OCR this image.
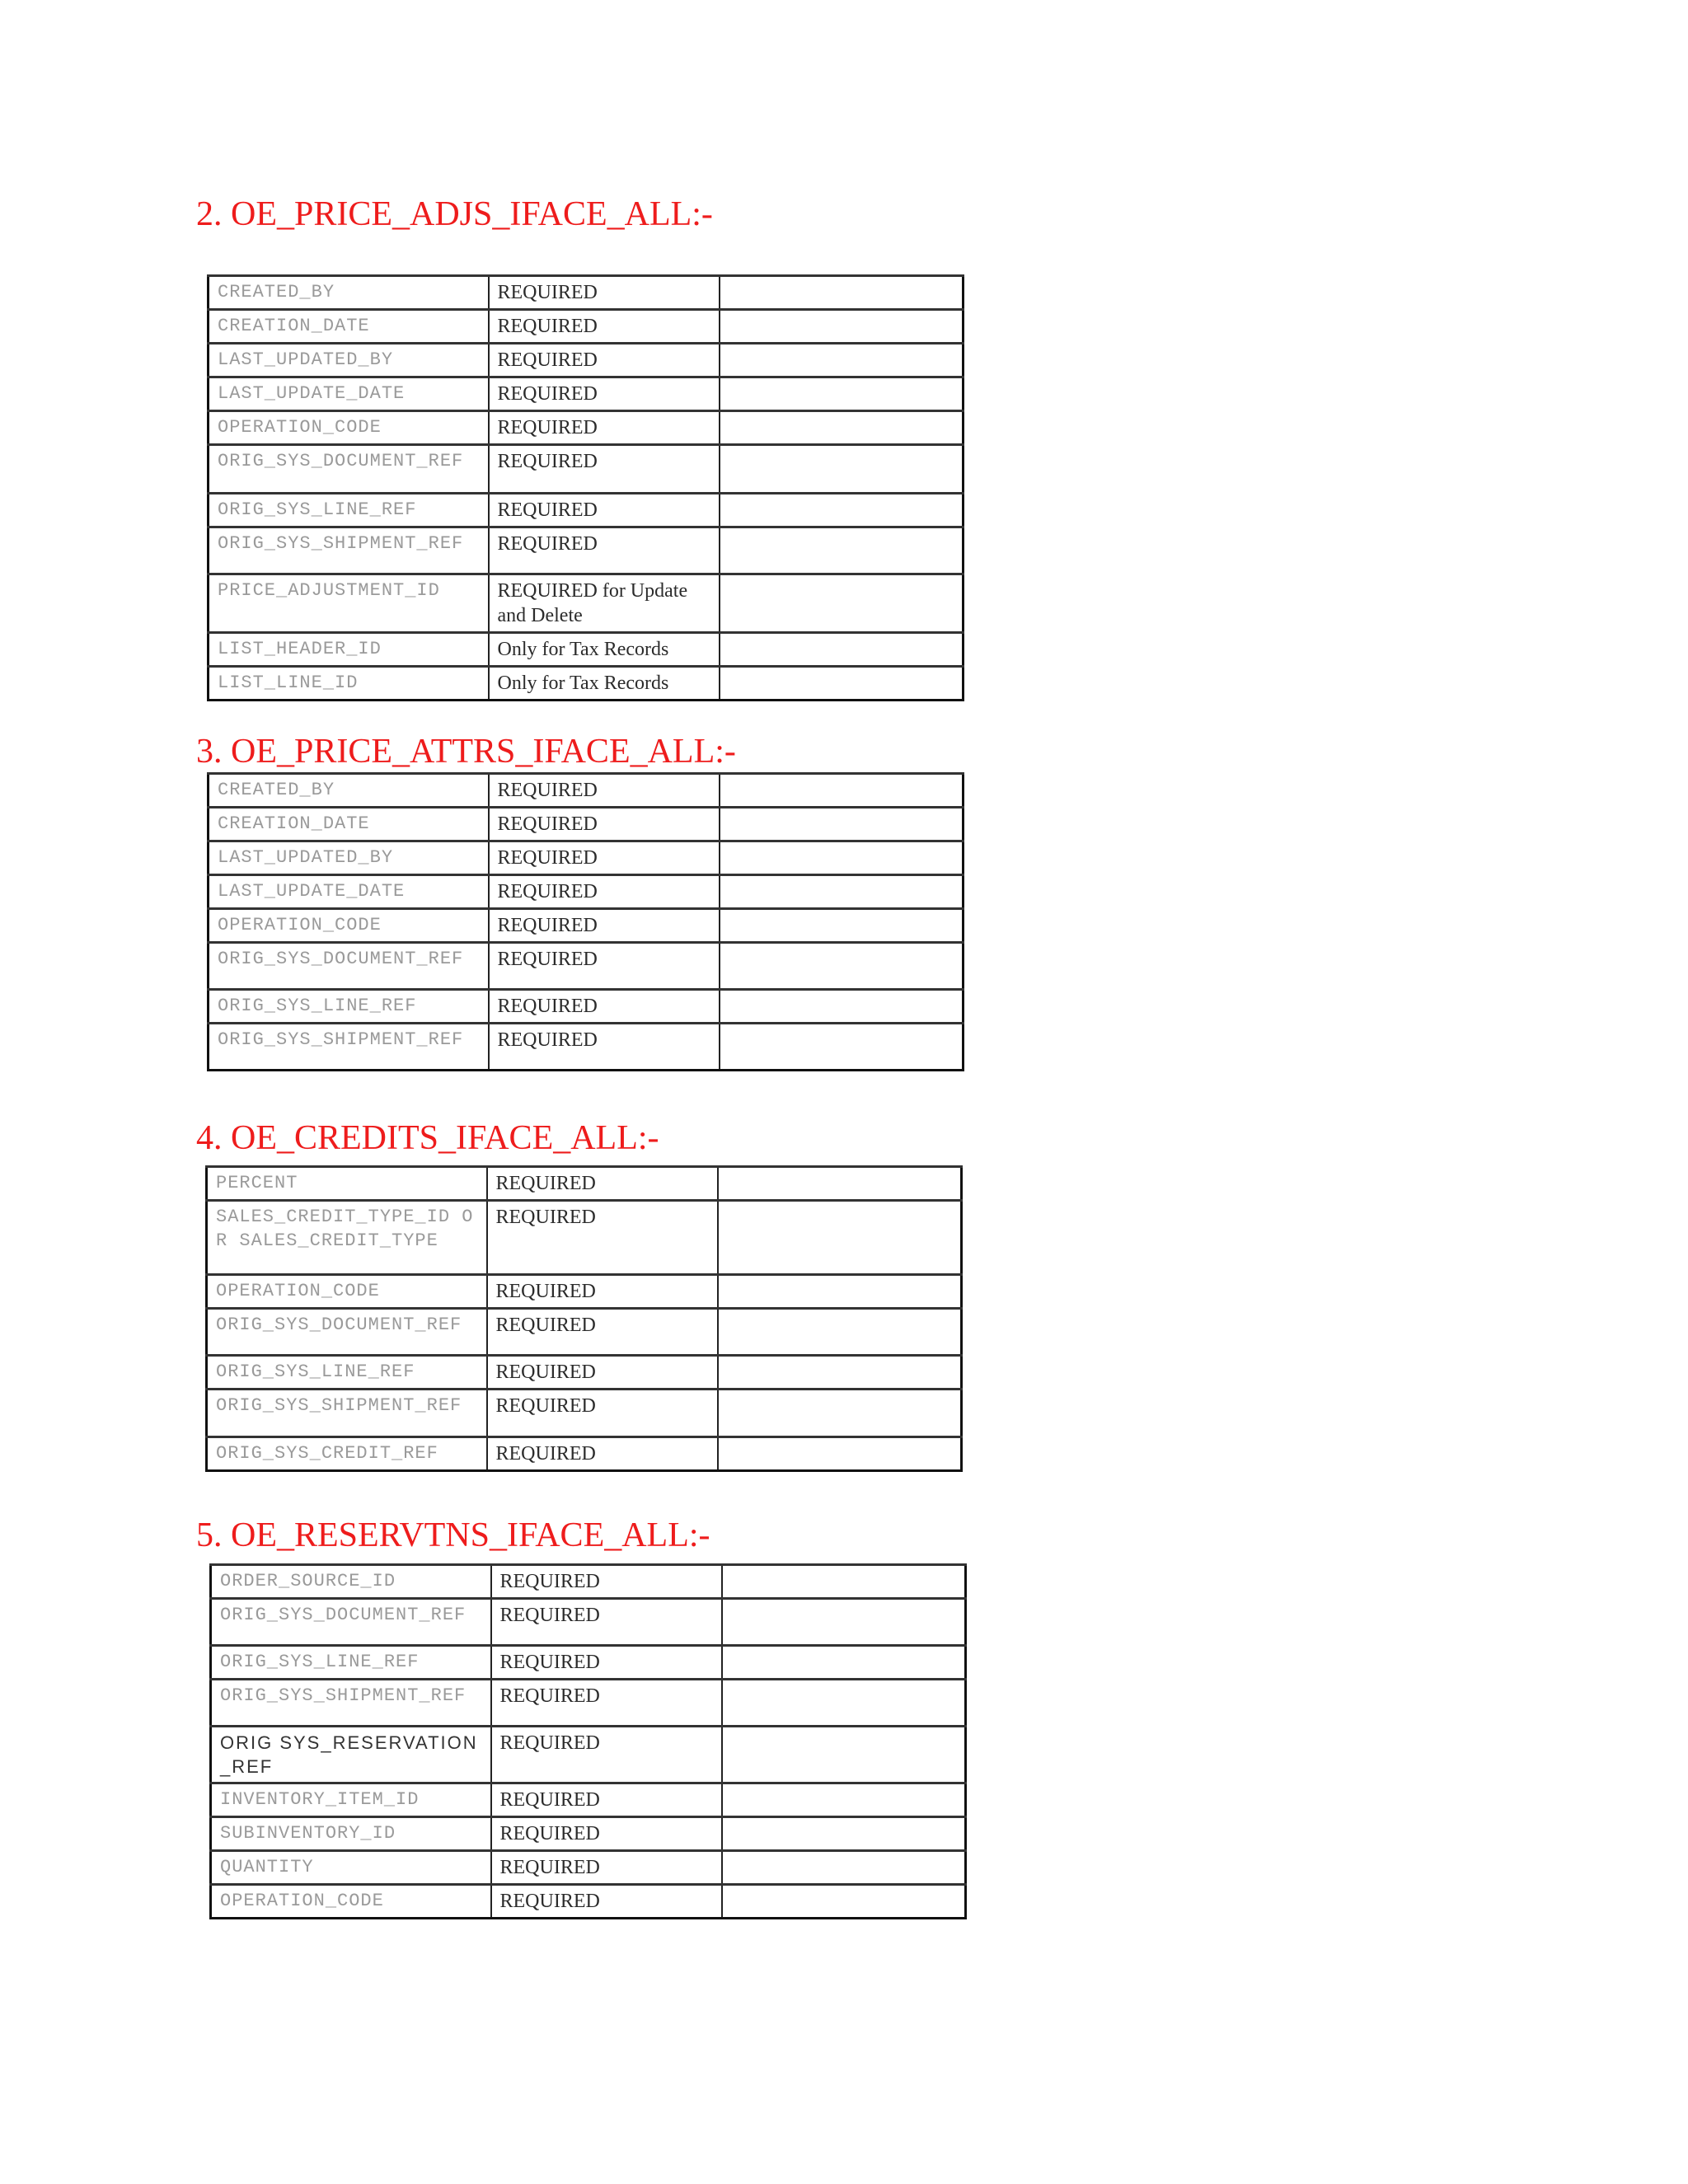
2. OE_PRICE_ADJS_IFACE_ALL:-
CREATED_BY	REQUIRED	
CREATION_DATE	REQUIRED	
LAST_UPDATED_BY	REQUIRED	
LAST_UPDATE_DATE	REQUIRED	
OPERATION_CODE	REQUIRED	
ORIG_SYS_DOCUMENT_REF	REQUIRED	
ORIG_SYS_LINE_REF	REQUIRED	
ORIG_SYS_SHIPMENT_REF	REQUIRED	
PRICE_ADJUSTMENT_ID	REQUIRED for Update and Delete	
LIST_HEADER_ID	Only for Tax Records	
LIST_LINE_ID	Only for Tax Records	
3. OE_PRICE_ATTRS_IFACE_ALL:-
CREATED_BY	REQUIRED	
CREATION_DATE	REQUIRED	
LAST_UPDATED_BY	REQUIRED	
LAST_UPDATE_DATE	REQUIRED	
OPERATION_CODE	REQUIRED	
ORIG_SYS_DOCUMENT_REF	REQUIRED	
ORIG_SYS_LINE_REF	REQUIRED	
ORIG_SYS_SHIPMENT_REF	REQUIRED	
4. OE_CREDITS_IFACE_ALL:-
PERCENT	REQUIRED	
SALES_CREDIT_TYPE_ID OR SALES_CREDIT_TYPE	REQUIRED	
OPERATION_CODE	REQUIRED	
ORIG_SYS_DOCUMENT_REF	REQUIRED	
ORIG_SYS_LINE_REF	REQUIRED	
ORIG_SYS_SHIPMENT_REF	REQUIRED	
ORIG_SYS_CREDIT_REF	REQUIRED	
5. OE_RESERVTNS_IFACE_ALL:-
ORDER_SOURCE_ID	REQUIRED	
ORIG_SYS_DOCUMENT_REF	REQUIRED	
ORIG_SYS_LINE_REF	REQUIRED	
ORIG_SYS_SHIPMENT_REF	REQUIRED	
ORIG SYS_RESERVATION_REF	REQUIRED	
INVENTORY_ITEM_ID	REQUIRED	
SUBINVENTORY_ID	REQUIRED	
QUANTITY	REQUIRED	
OPERATION_CODE	REQUIRED	
